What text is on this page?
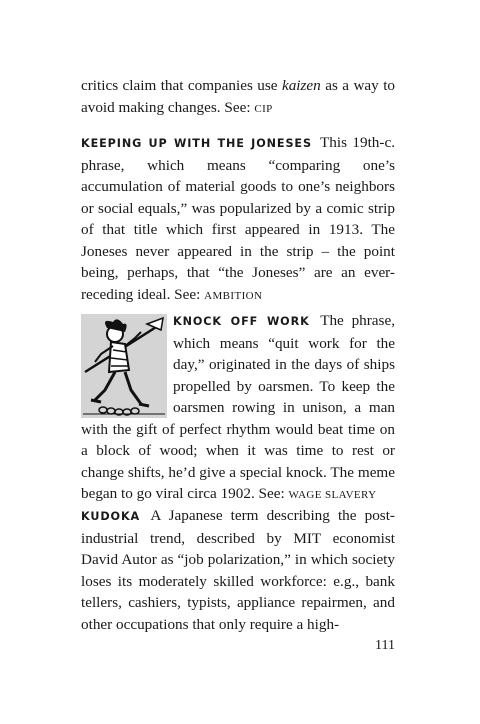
critics claim that companies use kaizen as a way to avoid making changes. See: CIP

KEEPING UP WITH THE JONESES This 19th-c. phrase, which means “comparing one’s accumulation of material goods to one’s neighbors or social equals,” was popularized by a comic strip of that title which first appeared in 1913. The Joneses never appeared in the strip – the point being, perhaps, that “the Joneses” are an ever-receding ideal. See: AMBITION

KNOCK OFF WORK The phrase, which means “quit work for the day,” originated in the days of ships propelled by oarsmen. To keep the oarsmen rowing in unison, a man with the gift of perfect rhythm would beat time on a block of wood; when it was time to rest or change shifts, he’d give a special knock. The meme began to go viral circa 1902. See: WAGE SLAVERY

KUDOKA A Japanese term describing the post-industrial trend, described by MIT economist David Autor as “job polarization,” in which society loses its moderately skilled workforce: e.g., bank tellers, cashiers, typists, appliance repairmen, and other occupations that only require a high-

111
